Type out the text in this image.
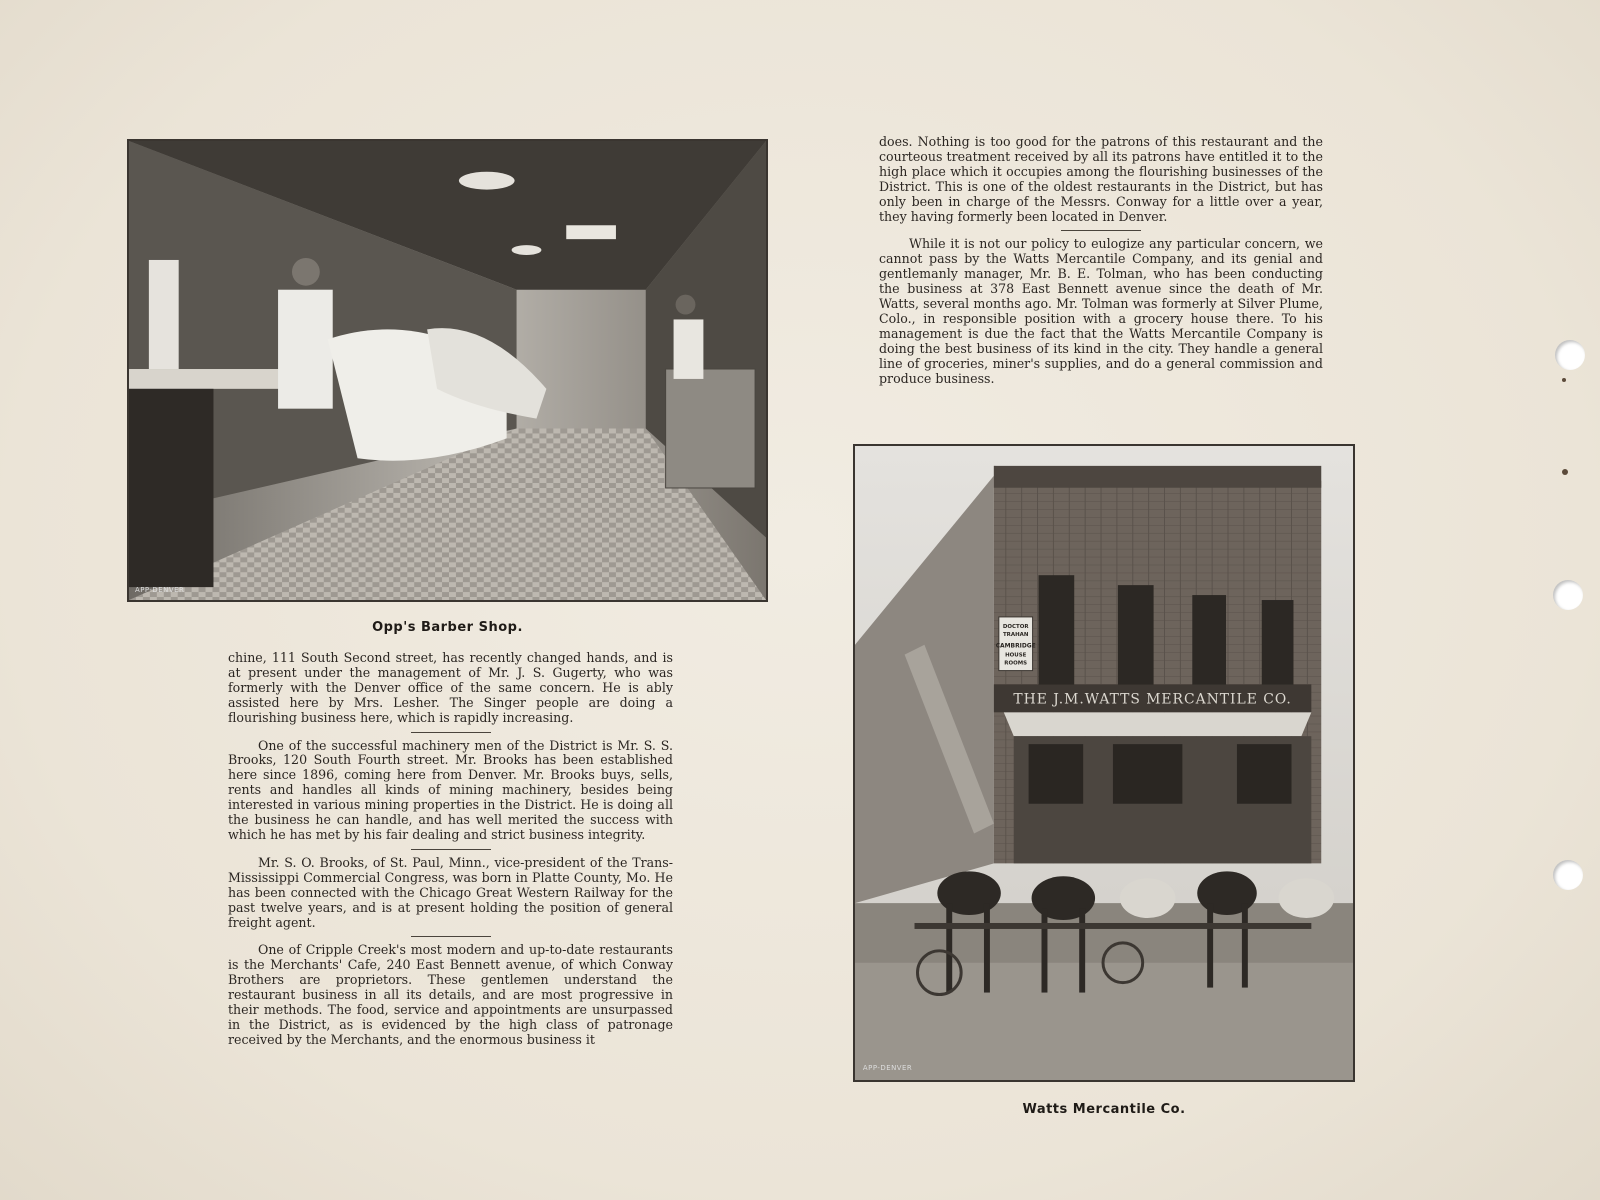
APP-DENVER
Opp's Barber Shop.

chine, 111 South Second street, has recently changed hands, and is at present under the management of Mr. J. S. Gugerty, who was formerly with the Denver office of the same concern. He is ably assisted here by Mrs. Lesher. The Singer people are doing a flourishing business here, which is rapidly increasing.

One of the successful machinery men of the District is Mr. S. S. Brooks, 120 South Fourth street. Mr. Brooks has been established here since 1896, coming here from Denver. Mr. Brooks buys, sells, rents and handles all kinds of mining machinery, besides being interested in various mining properties in the District. He is doing all the business he can handle, and has well merited the success with which he has met by his fair dealing and strict business integrity.

Mr. S. O. Brooks, of St. Paul, Minn., vice-president of the Trans-Mississippi Commercial Congress, was born in Platte County, Mo. He has been connected with the Chicago Great Western Railway for the past twelve years, and is at present holding the position of general freight agent.

One of Cripple Creek's most modern and up-to-date restaurants is the Merchants' Cafe, 240 East Bennett avenue, of which Conway Brothers are proprietors. These gentlemen understand the restaurant business in all its details, and are most progressive in their methods. The food, service and appointments are unsurpassed in the District, as is evidenced by the high class of patronage received by the Merchants, and the enormous business it

does. Nothing is too good for the patrons of this restaurant and the courteous treatment received by all its patrons have entitled it to the high place which it occupies among the flourishing businesses of the District. This is one of the oldest restaurants in the District, but has only been in charge of the Messrs. Conway for a little over a year, they having formerly been located in Denver.

While it is not our policy to eulogize any particular concern, we cannot pass by the Watts Mercantile Company, and its genial and gentlemanly manager, Mr. B. E. Tolman, who has been conducting the business at 378 East Bennett avenue since the death of Mr. Watts, several months ago. Mr. Tolman was formerly at Silver Plume, Colo., in responsible position with a grocery house there. To his management is due the fact that the Watts Mercantile Company is doing the best business of its kind in the city. They handle a general line of groceries, miner's supplies, and do a general commission and produce business.

THE J.M.WATTS MERCANTILE CO.
DOCTOR
TRAHAN
CAMBRIDGE
HOUSE
ROOMS
APP-DENVER
Watts Mercantile Co.
